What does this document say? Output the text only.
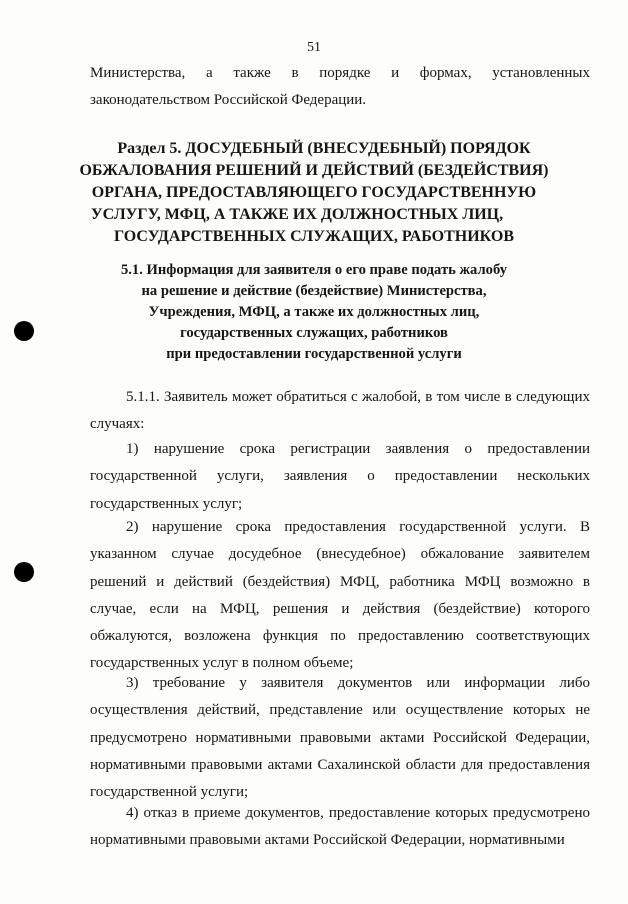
51
Министерства, а также в порядке и формах, установленных законодательством Российской Федерации.
Раздел 5. ДОСУДЕБНЫЙ (ВНЕСУДЕБНЫЙ) ПОРЯДОК
ОБЖАЛОВАНИЯ РЕШЕНИЙ И ДЕЙСТВИЙ (БЕЗДЕЙСТВИЯ)
ОРГАНА, ПРЕДОСТАВЛЯЮЩЕГО ГОСУДАРСТВЕННУЮ
УСЛУГУ, МФЦ, А ТАКЖЕ ИХ ДОЛЖНОСТНЫХ ЛИЦ,
ГОСУДАРСТВЕННЫХ СЛУЖАЩИХ, РАБОТНИКОВ
5.1. Информация для заявителя о его праве подать жалобу
на решение и действие (бездействие) Министерства,
Учреждения, МФЦ, а также их должностных лиц,
государственных служащих, работников
при предоставлении государственной услуги
5.1.1. Заявитель может обратиться с жалобой, в том числе в следующих случаях:
1) нарушение срока регистрации заявления о предоставлении государственной услуги, заявления о предоставлении нескольких государственных услуг;
2) нарушение срока предоставления государственной услуги. В указанном случае досудебное (внесудебное) обжалование заявителем решений и действий (бездействия) МФЦ, работника МФЦ возможно в случае, если на МФЦ, решения и действия (бездействие) которого обжалуются, возложена функция по предоставлению соответствующих государственных услуг в полном объеме;
3) требование у заявителя документов или информации либо осуществления действий, представление или осуществление которых не предусмотрено нормативными правовыми актами Российской Федерации, нормативными правовыми актами Сахалинской области для предоставления государственной услуги;
4) отказ в приеме документов, предоставление которых предусмотрено нормативными правовыми актами Российской Федерации, нормативными
